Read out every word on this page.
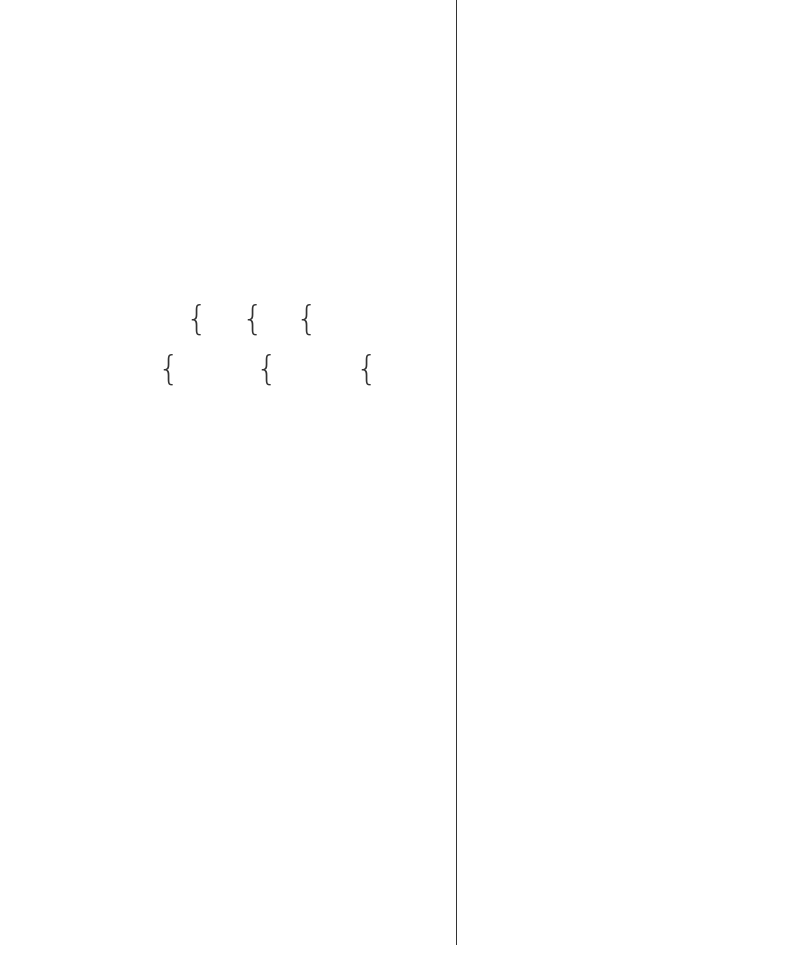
{ { {
{ { {
